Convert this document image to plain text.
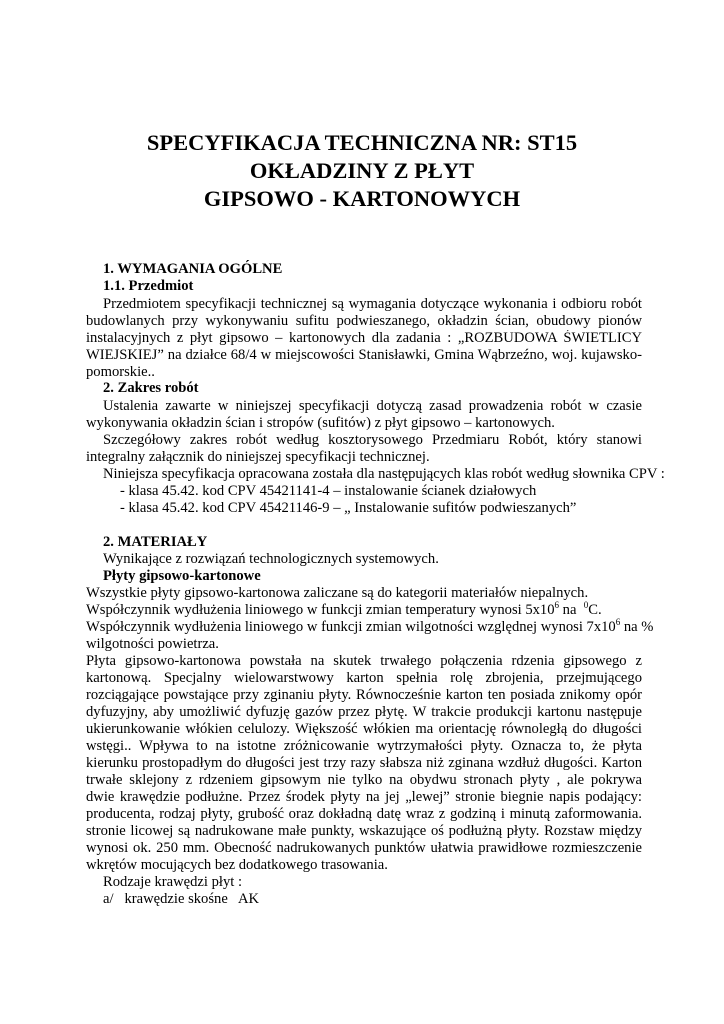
SPECYFIKACJA TECHNICZNA NR: ST15
OKŁADZINY Z PŁYT
GIPSOWO - KARTONOWYCH
1. WYMAGANIA OGÓLNE
1.1. Przedmiot
Przedmiotem specyfikacji technicznej są wymagania dotyczące wykonania i odbioru robót
budowlanych przy wykonywaniu sufitu podwieszanego, okładzin ścian, obudowy pionów
instalacyjnych z płyt gipsowo – kartonowych dla zadania : „ROZBUDOWA ŚWIETLICY
WIEJSKIEJ” na działce 68/4 w miejscowości Stanisławki, Gmina Wąbrzeźno, woj. kujawsko-
pomorskie..
2. Zakres robót
Ustalenia zawarte w niniejszej specyfikacji dotyczą zasad prowadzenia robót w czasie
wykonywania okładzin ścian i stropów (sufitów) z płyt gipsowo – kartonowych.
Szczegółowy zakres robót według kosztorysowego Przedmiaru Robót, który stanowi
integralny załącznik do niniejszej specyfikacji technicznej.
Niniejsza specyfikacja opracowana została dla następujących klas robót według słownika CPV :
- klasa 45.42. kod CPV 45421141-4 – instalowanie ścianek działowych
- klasa 45.42. kod CPV 45421146-9 – „ Instalowanie sufitów podwieszanych”
2. MATERIAŁY
Wynikające z rozwiązań technologicznych systemowych.
Płyty gipsowo-kartonowe
Wszystkie płyty gipsowo-kartonowa zaliczane są do kategorii materiałów niepalnych.
Współczynnik wydłużenia liniowego w funkcji zmian temperatury wynosi $5x10^6$ na  $^0$C.
Współczynnik wydłużenia liniowego w funkcji zmian wilgotności względnej wynosi $7x10^6$ na %
wilgotności powietrza.
Płyta gipsowo-kartonowa powstała na skutek trwałego połączenia rdzenia gipsowego z
kartonową. Specjalny wielowarstwowy karton spełnia rolę zbrojenia, przejmującego
rozciągające powstające przy zginaniu płyty. Równocześnie karton ten posiada znikomy opór
dyfuzyjny, aby umożliwić dyfuzję gazów przez płytę. W trakcie produkcji kartonu następuje
ukierunkowanie włókien celulozy. Większość włókien ma orientację równoległą do długości
wstęgi.. Wpływa to na istotne zróżnicowanie wytrzymałości płyty. Oznacza to, że płyta
kierunku prostopadłym do długości jest trzy razy słabsza niż zginana wzdłuż długości. Karton
trwałe sklejony z rdzeniem gipsowym nie tylko na obydwu stronach płyty , ale pokrywa
dwie krawędzie podłużne. Przez środek płyty na jej „lewej” stronie biegnie napis podający:
producenta, rodzaj płyty, grubość oraz dokładną datę wraz z godziną i minutą zaformowania.
stronie licowej są nadrukowane małe punkty, wskazujące oś podłużną płyty. Rozstaw między
wynosi ok. 250 mm. Obecność nadrukowanych punktów ułatwia prawidłowe rozmieszczenie
wkrętów mocujących bez dodatkowego trasowania.
Rodzaje krawędzi płyt :
a/   krawędzie skośne   AK
